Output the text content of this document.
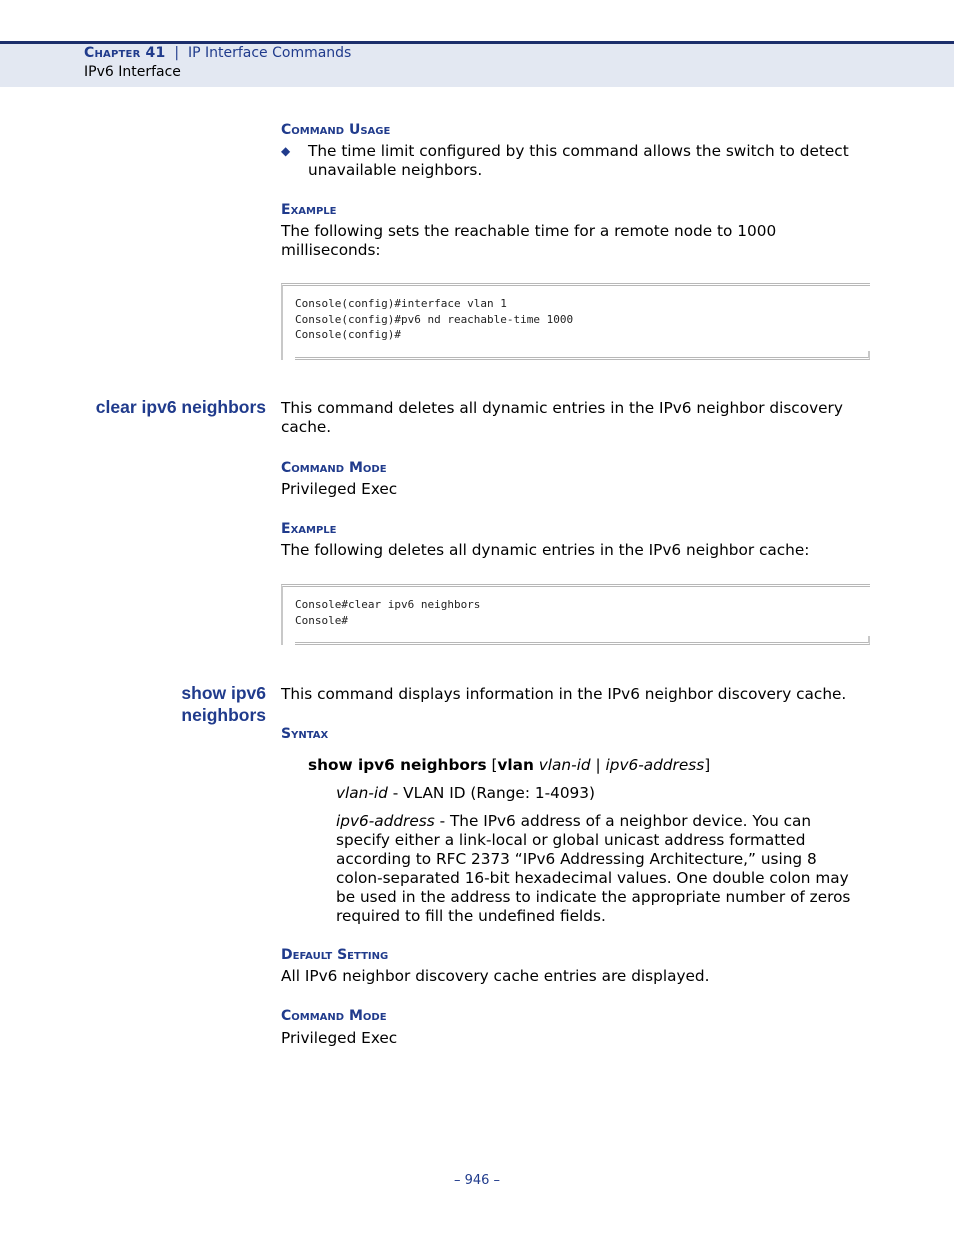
Chapter 41 | IP Interface Commands
IPv6 Interface
Command Usage
◆ The time limit configured by this command allows the switch to detect unavailable neighbors.
Example
The following sets the reachable time for a remote node to 1000 milliseconds:
Console(config)#interface vlan 1
Console(config)#pv6 nd reachable-time 1000
Console(config)#
clear ipv6 neighbors This command deletes all dynamic entries in the IPv6 neighbor discovery cache.
Command Mode
Privileged Exec
Example
The following deletes all dynamic entries in the IPv6 neighbor cache:
Console#clear ipv6 neighbors
Console#
show ipv6
neighbors
This command displays information in the IPv6 neighbor discovery cache.
Syntax
show ipv6 neighbors [vlan vlan-id | ipv6-address]
vlan-id - VLAN ID (Range: 1-4093)
ipv6-address - The IPv6 address of a neighbor device. You can specify either a link-local or global unicast address formatted according to RFC 2373 “IPv6 Addressing Architecture,” using 8 colon-separated 16-bit hexadecimal values. One double colon may be used in the address to indicate the appropriate number of zeros required to fill the undefined fields.
Default Setting
All IPv6 neighbor discovery cache entries are displayed.
Command Mode
Privileged Exec
– 946 –
